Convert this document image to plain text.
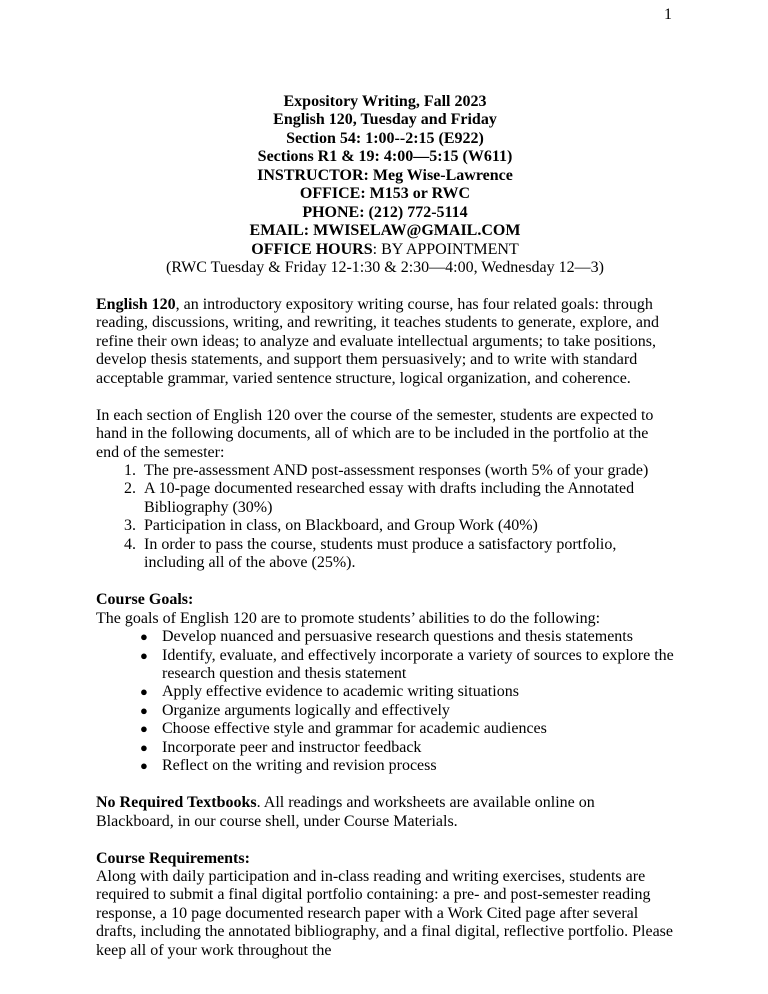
1
Expository Writing, Fall 2023
English 120, Tuesday and Friday
Section 54: 1:00--2:15 (E922)
Sections R1 & 19: 4:00—5:15 (W611)
INSTRUCTOR: Meg Wise-Lawrence
OFFICE: M153 or RWC
PHONE: (212) 772-5114
EMAIL: MWISELAW@GMAIL.COM
OFFICE HOURS: BY APPOINTMENT
(RWC Tuesday & Friday 12-1:30 & 2:30—4:00, Wednesday 12—3)

English 120, an introductory expository writing course, has four related goals: through reading, discussions, writing, and rewriting, it teaches students to generate, explore, and refine their own ideas; to analyze and evaluate intellectual arguments; to take positions, develop thesis statements, and support them persuasively; and to write with standard acceptable grammar, varied sentence structure, logical organization, and coherence.

In each section of English 120 over the course of the semester, students are expected to hand in the following documents, all of which are to be included in the portfolio at the end of the semester:
1. The pre-assessment AND post-assessment responses (worth 5% of your grade)
2. A 10-page documented researched essay with drafts including the Annotated Bibliography (30%)
3. Participation in class, on Blackboard, and Group Work (40%)
4. In order to pass the course, students must produce a satisfactory portfolio, including all of the above (25%).
Course Goals:
The goals of English 120 are to promote students’ abilities to do the following:
● Develop nuanced and persuasive research questions and thesis statements
● Identify, evaluate, and effectively incorporate a variety of sources to explore the research question and thesis statement
● Apply effective evidence to academic writing situations
● Organize arguments logically and effectively
● Choose effective style and grammar for academic audiences
● Incorporate peer and instructor feedback
● Reflect on the writing and revision process

No Required Textbooks. All readings and worksheets are available online on Blackboard, in our course shell, under Course Materials.

Course Requirements:
Along with daily participation and in-class reading and writing exercises, students are required to submit a final digital portfolio containing: a pre- and post-semester reading response, a 10 page documented research paper with a Work Cited page after several drafts, including the annotated bibliography, and a final digital, reflective portfolio. Please keep all of your work throughout the
